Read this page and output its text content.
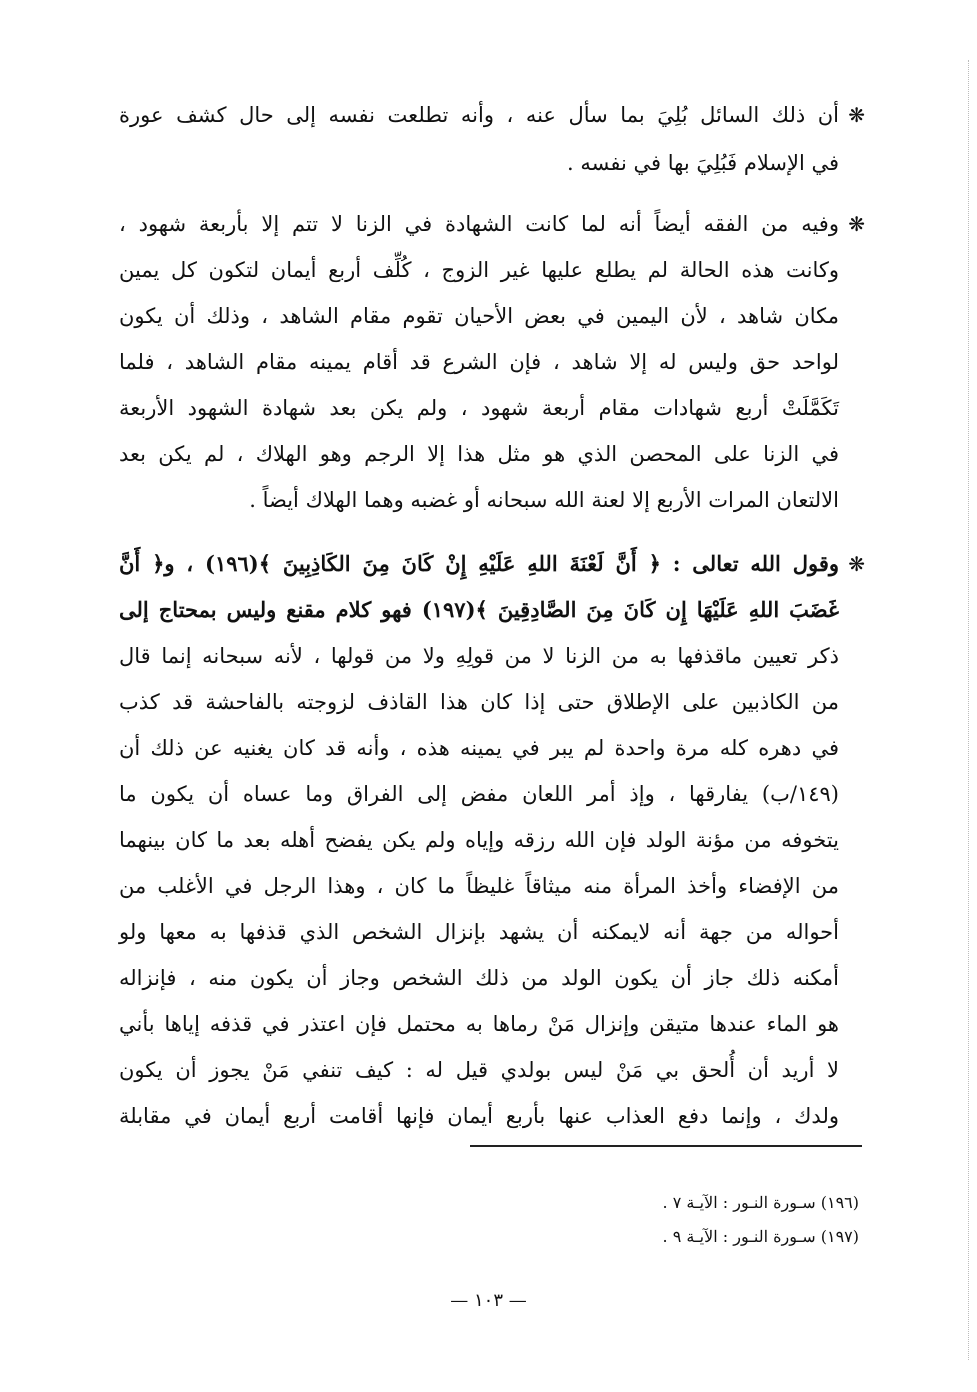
❋
أن ذلك السائل بُلِيَ بما سأل عنه ، وأنه تطلعت نفسه إلى حال كشف عورة
في الإسلام فَبُلِيَ بها في نفسه .
❋
وفيه من الفقه أيضاً أنه لما كانت الشهادة في الزنا لا تتم إلا بأربعة شهود ،
وكانت هذه الحالة لم يطلع عليها غير الزوج ، كُلِّف أربع أيمان لتكون كل يمين
مكان شاهد ، لأن اليمين في بعض الأحيان تقوم مقام الشاهد ، وذلك أن يكون
لواحد حق وليس له إلا شاهد ، فإن الشرع قد أقام يمينه مقام الشاهد ، فلما
تَكَمَّلَتْ أربع شهادات مقام أربعة شهود ، ولم يكن بعد شهادة الشهود الأربعة
في الزنا على المحصن الذي هو مثل هذا إلا الرجم وهو الهلاك ، لم يكن بعد
الالتعان المرات الأربع إلا لعنة الله سبحانه أو غضبه وهما الهلاك أيضاً .
❋
وقول الله تعالى : ﴿ أَنَّ لَعْنَةَ اللهِ عَلَيْهِ إِنْ كَانَ مِنَ الكَاذِبِينَ ﴾(١٩٦) ، و﴿ أَنَّ
غَضَبَ اللهِ عَلَيْهَا إِن كَانَ مِنَ الصَّادِقِينَ ﴾(١٩٧) فهو كلام مقنع وليس بمحتاج إلى
ذكر تعيين ماقذفها به من الزنا لا من قولِهِ ولا من قولها ، لأنه سبحانه إنما قال
من الكاذبين على الإطلاق حتى إذا كان هذا القاذف لزوجته بالفاحشة قد كذب
في دهره كله مرة واحدة لم يبر في يمينه هذه ، وأنه قد كان يغنيه عن ذلك أن
(١٤٩/ب) يفارقها ، وإذ أمر اللعان مفض إلى الفراق وما عساه أن يكون ما
يتخوفه من مؤنة الولد فإن الله رزقه وإياه ولم يكن يفضح أهله بعد ما كان بينهما
من الإفضاء وأخذ المرأة منه ميثاقاً غليظاً ما كان ، وهذا الرجل في الأغلب من
أحواله من جهة أنه لايمكنه أن يشهد بإنزال الشخص الذي قذفها به معها ولو
أمكنه ذلك جاز أن يكون الولد من ذلك الشخص وجاز أن يكون منه ، فإنزاله
هو الماء عندها متيقن وإنزال مَنْ رماها به محتمل فإن اعتذر في قذفه إياها بأني
لا أريد أن أُلحق بي مَنْ ليس بولدي قيل له : كيف تنفي مَنْ يجوز أن يكون
ولدك ، وإنما دفع العذاب عنها بأربع أيمان فإنها أقامت أربع أيمان في مقابلة
(١٩٦) سـورة النـور : الآيـة ٧ .
(١٩٧) سـورة النـور : الآيـة ٩ .
— ١٠٣ —
